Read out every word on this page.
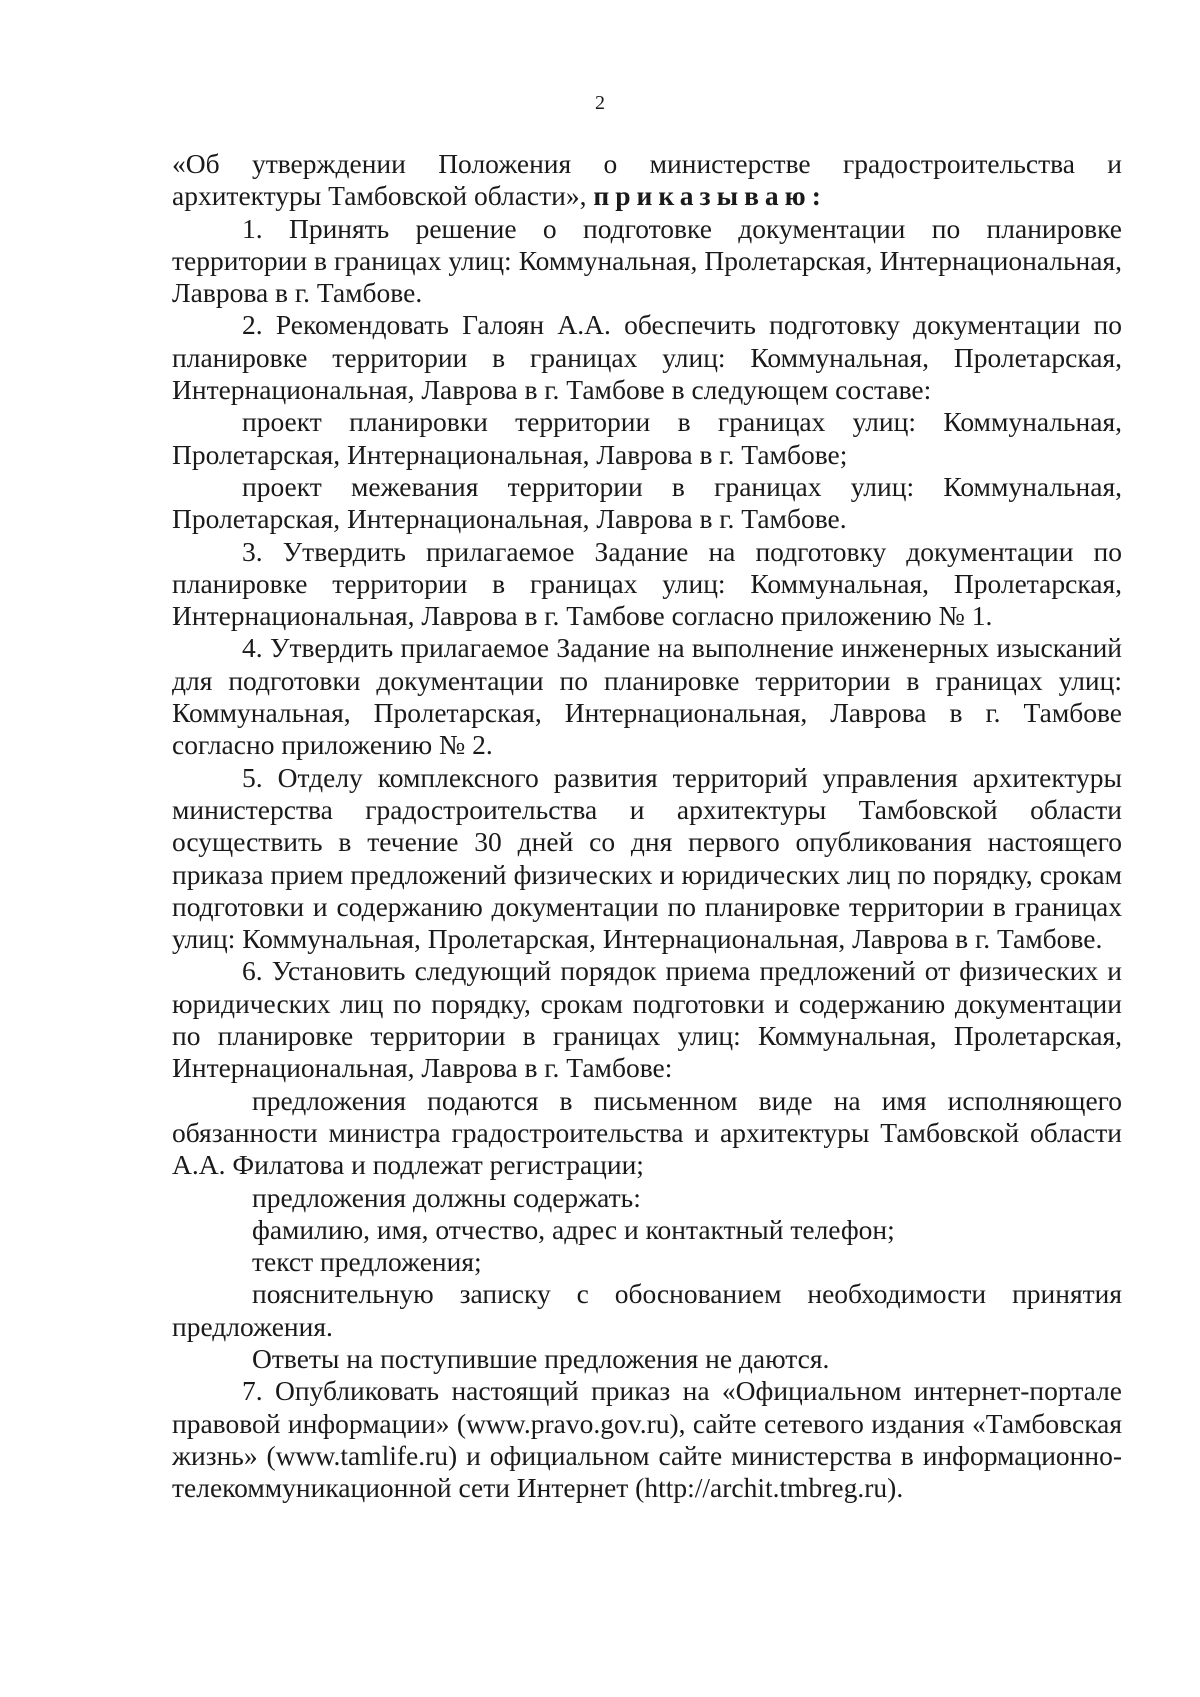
2

«Об утверждении Положения о министерстве градостроительства и архитектуры Тамбовской области», приказываю:

1. Принять решение о подготовке документации по планировке территории в границах улиц: Коммунальная, Пролетарская, Интернациональная, Лаврова в г. Тамбове.

2. Рекомендовать Галоян А.А. обеспечить подготовку документации по планировке территории в границах улиц: Коммунальная, Пролетарская, Интернациональная, Лаврова в г. Тамбове в следующем составе:

проект планировки территории в границах улиц: Коммунальная, Пролетарская, Интернациональная, Лаврова в г. Тамбове;

проект межевания территории в границах улиц: Коммунальная, Пролетарская, Интернациональная, Лаврова в г. Тамбове.

3. Утвердить прилагаемое Задание на подготовку документации по планировке территории в границах улиц: Коммунальная, Пролетарская, Интернациональная, Лаврова в г. Тамбове согласно приложению № 1.

4. Утвердить прилагаемое Задание на выполнение инженерных изысканий для подготовки документации по планировке территории в границах улиц: Коммунальная, Пролетарская, Интернациональная, Лаврова в г. Тамбове согласно приложению № 2.

5. Отделу комплексного развития территорий управления архитектуры министерства градостроительства и архитектуры Тамбовской области осуществить в течение 30 дней со дня первого опубликования настоящего приказа прием предложений физических и юридических лиц по порядку, срокам подготовки и содержанию документации по планировке территории в границах улиц: Коммунальная, Пролетарская, Интернациональная, Лаврова в г. Тамбове.

6. Установить следующий порядок приема предложений от физических и юридических лиц по порядку, срокам подготовки и содержанию документации по планировке территории в границах улиц: Коммунальная, Пролетарская, Интернациональная, Лаврова в г. Тамбове:

предложения подаются в письменном виде на имя исполняющего обязанности министра градостроительства и архитектуры Тамбовской области А.А. Филатова и подлежат регистрации;

предложения должны содержать:

фамилию, имя, отчество, адрес и контактный телефон;

текст предложения;

пояснительную записку с обоснованием необходимости принятия предложения.

Ответы на поступившие предложения не даются.

7. Опубликовать настоящий приказ на «Официальном интернет-портале правовой информации» (www.pravo.gov.ru), сайте сетевого издания «Тамбовская жизнь» (www.tamlife.ru) и официальном сайте министерства в информационно-телекоммуникационной сети Интернет (http://archit.tmbreg.ru).
